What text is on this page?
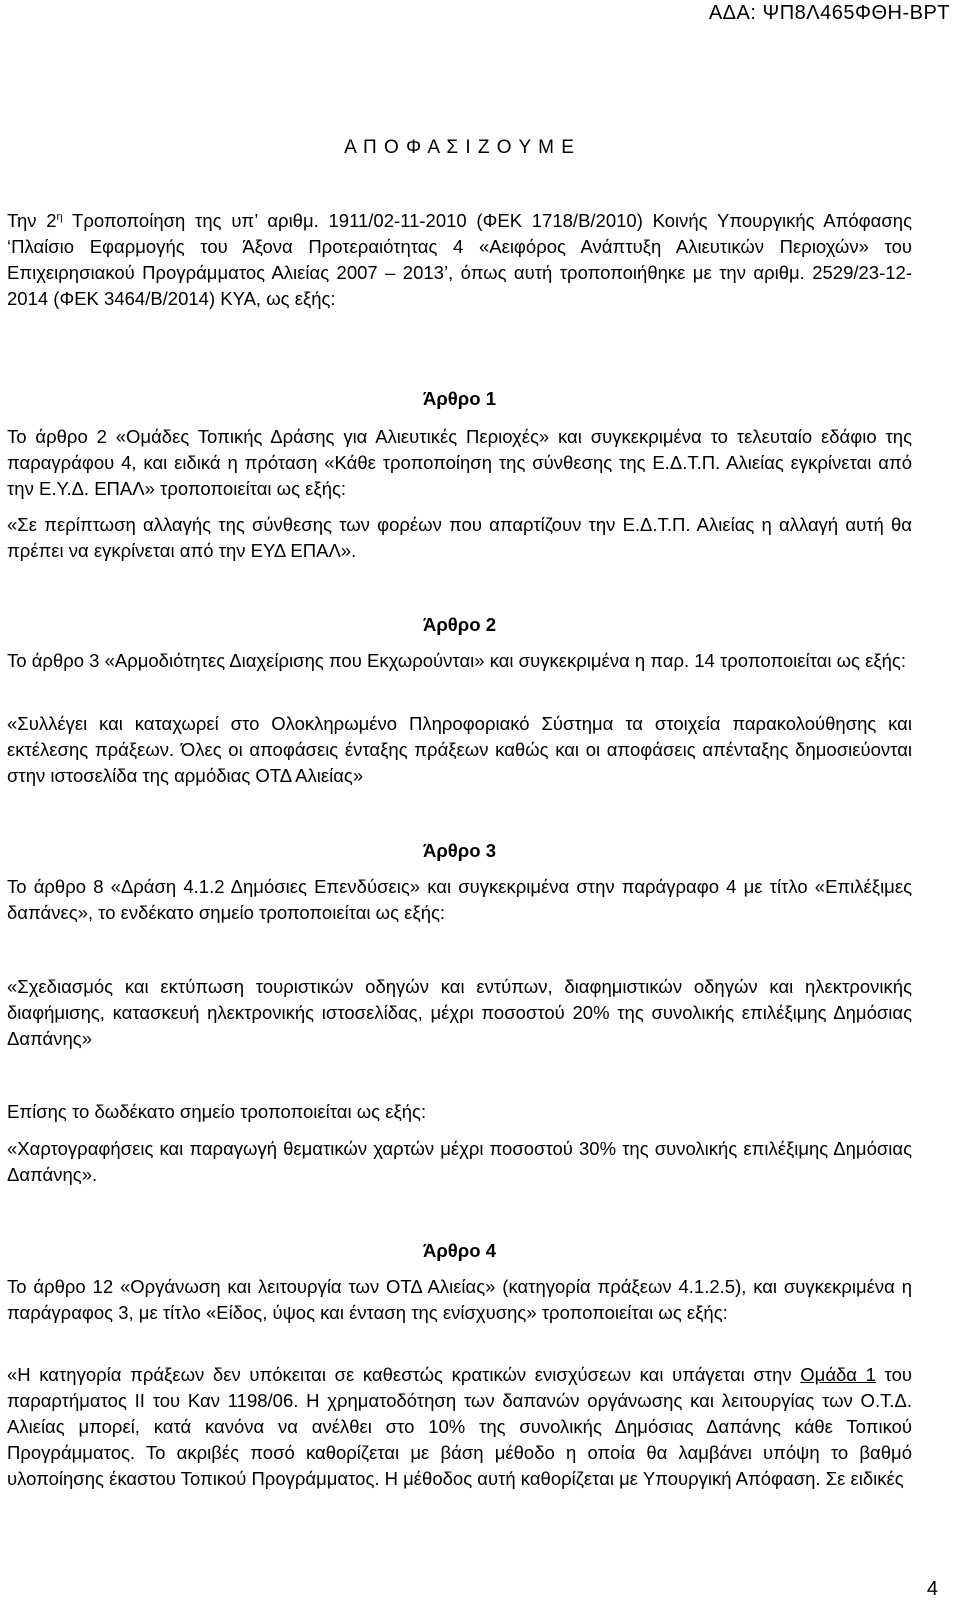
ΑΔΑ: ΨΠ8Λ465ΦΘΗ-ΒΡΤ

Α Π Ο Φ Α Σ Ι Ζ Ο Υ Μ Ε

Την $2^\eta$ Τροποποίηση της υπ’ αριθμ. 1911/02-11-2010 (ΦΕΚ 1718/Β/2010) Κοινής Υπουργικής Απόφασης ‘Πλαίσιο Εφαρμογής του Άξονα Προτεραιότητας 4 «Αειφόρος Ανάπτυξη Αλιευτικών Περιοχών» του Επιχειρησιακού Προγράμματος Αλιείας 2007 – 2013’, όπως αυτή τροποποιήθηκε με την αριθμ. 2529/23-12-2014 (ΦΕΚ 3464/Β/2014) ΚΥΑ, ως εξής:

Άρθρο 1

Το άρθρο 2 «Ομάδες Τοπικής Δράσης για Αλιευτικές Περιοχές» και συγκεκριμένα το τελευταίο εδάφιο της παραγράφου 4, και ειδικά η πρόταση «Κάθε τροποποίηση της σύνθεσης της Ε.Δ.Τ.Π. Αλιείας εγκρίνεται από την Ε.Υ.Δ. ΕΠΑΛ» τροποποιείται ως εξής:

«Σε περίπτωση αλλαγής της σύνθεσης των φορέων που απαρτίζουν την Ε.Δ.Τ.Π. Αλιείας η αλλαγή αυτή θα πρέπει να εγκρίνεται από την ΕΥΔ ΕΠΑΛ».

Άρθρο 2

Το άρθρο 3 «Αρμοδιότητες Διαχείρισης που Εκχωρούνται» και συγκεκριμένα η παρ. 14 τροποποιείται ως εξής:

«Συλλέγει και καταχωρεί στο Ολοκληρωμένο Πληροφοριακό Σύστημα τα στοιχεία παρακολούθησης και εκτέλεσης πράξεων. Όλες οι αποφάσεις ένταξης πράξεων καθώς και οι αποφάσεις απένταξης δημοσιεύονται στην ιστοσελίδα της αρμόδιας ΟΤΔ Αλιείας»

Άρθρο 3

Το άρθρο 8 «Δράση 4.1.2 Δημόσιες Επενδύσεις» και συγκεκριμένα στην παράγραφο 4 με τίτλο «Επιλέξιμες δαπάνες», το ενδέκατο σημείο τροποποιείται ως εξής:

«Σχεδιασμός και εκτύπωση τουριστικών οδηγών και εντύπων, διαφημιστικών οδηγών και ηλεκτρονικής διαφήμισης, κατασκευή ηλεκτρονικής ιστοσελίδας, μέχρι ποσοστού 20% της συνολικής επιλέξιμης Δημόσιας Δαπάνης»

Επίσης το δωδέκατο σημείο τροποποιείται ως εξής:

«Χαρτογραφήσεις και παραγωγή θεματικών χαρτών μέχρι ποσοστού 30% της συνολικής επιλέξιμης Δημόσιας Δαπάνης».

Άρθρο 4

Το άρθρο 12 «Οργάνωση και λειτουργία των ΟΤΔ Αλιείας» (κατηγορία πράξεων 4.1.2.5), και συγκεκριμένα η παράγραφος 3, με τίτλο «Είδος, ύψος και ένταση της ενίσχυσης» τροποποιείται ως εξής:

«Η κατηγορία πράξεων δεν υπόκειται σε καθεστώς κρατικών ενισχύσεων και υπάγεται στην Ομάδα 1 του παραρτήματος ΙΙ του Καν 1198/06. Η χρηματοδότηση των δαπανών οργάνωσης και λειτουργίας των Ο.Τ.Δ. Αλιείας μπορεί, κατά κανόνα να ανέλθει στο 10% της συνολικής Δημόσιας Δαπάνης κάθε Τοπικού Προγράμματος. Το ακριβές ποσό καθορίζεται με βάση μέθοδο η οποία θα λαμβάνει υπόψη το βαθμό υλοποίησης έκαστου Τοπικού Προγράμματος. Η μέθοδος αυτή καθορίζεται με Υπουργική Απόφαση. Σε ειδικές

4
